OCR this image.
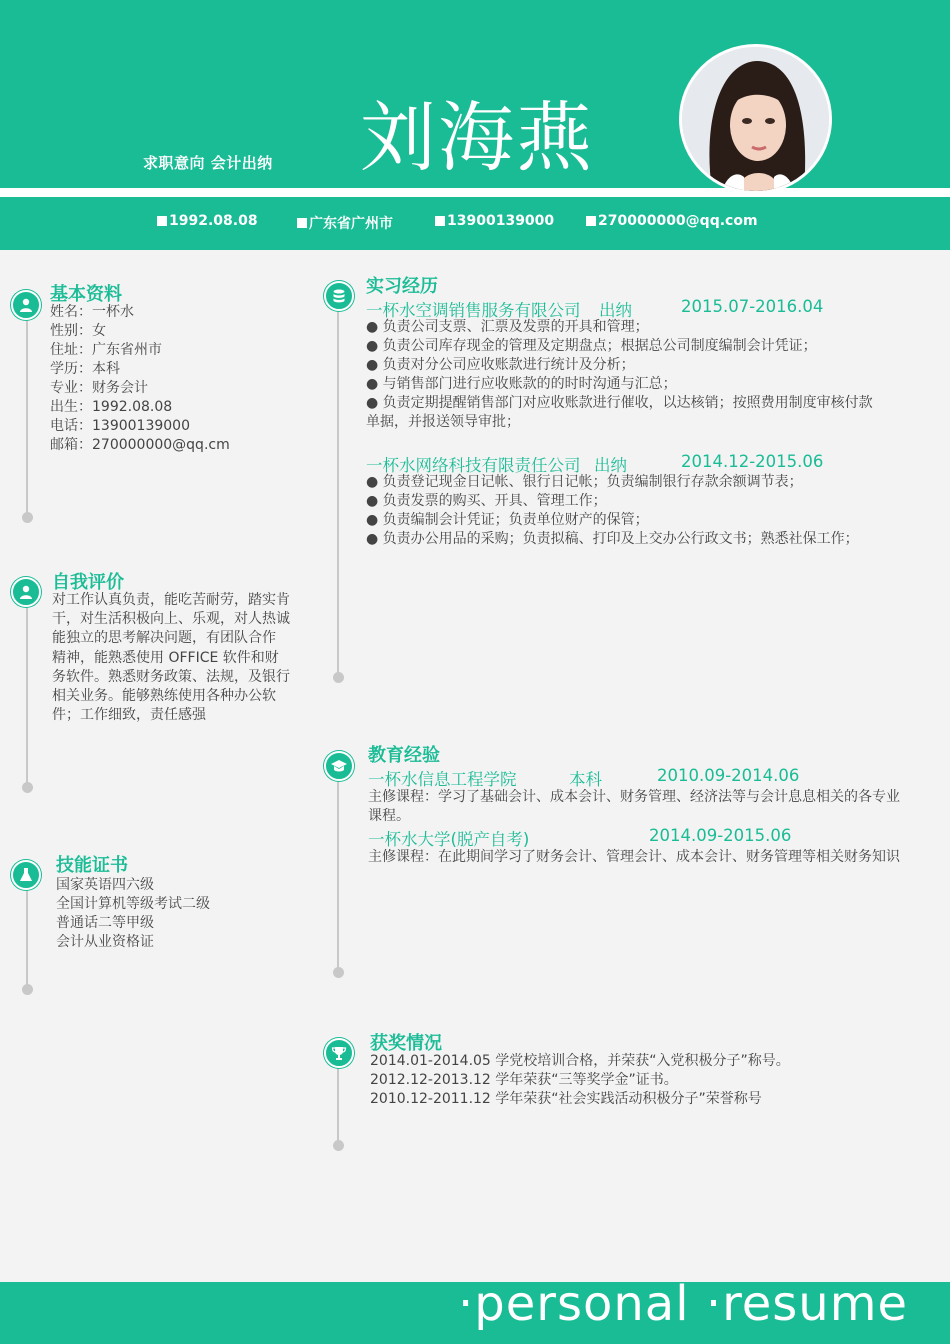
求职意向 会计出纳 刘海燕
1992.08.08	广东省广州市	13900139000	270000000@qq.com
基本资料
姓名：一杯水
性别：女
住址：广东省州市
学历：本科
专业：财务会计
出生：1992.08.08
电话：13900139000
邮箱：270000000@qq.cm
自我评价
对工作认真负责，能吃苦耐劳，踏实肯
干，对生活积极向上、乐观，对人热诚
能独立的思考解决问题，有团队合作
精神，能熟悉使用 OFFICE 软件和财
务软件。熟悉财务政策、法规，及银行
相关业务。能够熟练使用各种办公软
件；工作细致，责任感强
技能证书
国家英语四六级
全国计算机等级考试二级
普通话二等甲级
会计从业资格证
实习经历
一杯水空调销售服务有限公司 出纳	2015.07-2016.04
● 负责公司支票、汇票及发票的开具和管理；
● 负责公司库存现金的管理及定期盘点；根据总公司制度编制会计凭证；
● 负责对分公司应收账款进行统计及分析；
● 与销售部门进行应收账款的的时时沟通与汇总；
● 负责定期提醒销售部门对应收账款进行催收，以达核销；按照费用制度审核付款
单据，并报送领导审批；
一杯水网络科技有限责任公司 出纳	2014.12-2015.06
● 负责登记现金日记帐、银行日记帐；负责编制银行存款余额调节表；
● 负责发票的购买、开具、管理工作；
● 负责编制会计凭证；负责单位财产的保管；
● 负责办公用品的采购；负责拟稿、打印及上交办公行政文书；熟悉社保工作；
教育经验
一杯水信息工程学院	本科	2010.09-2014.06
主修课程：学习了基础会计、成本会计、财务管理、经济法等与会计息息相关的各专业
课程。
一杯水大学(脱产自考)	2014.09-2015.06
主修课程：在此期间学习了财务会计、管理会计、成本会计、财务管理等相关财务知识
获奖情况
2014.01-2014.05 学党校培训合格，并荣获“入党积极分子”称号。
2012.12-2013.12 学年荣获“三等奖学金”证书。
2010.12-2011.12 学年荣获“社会实践活动积极分子”荣誉称号
·personal ·resume
